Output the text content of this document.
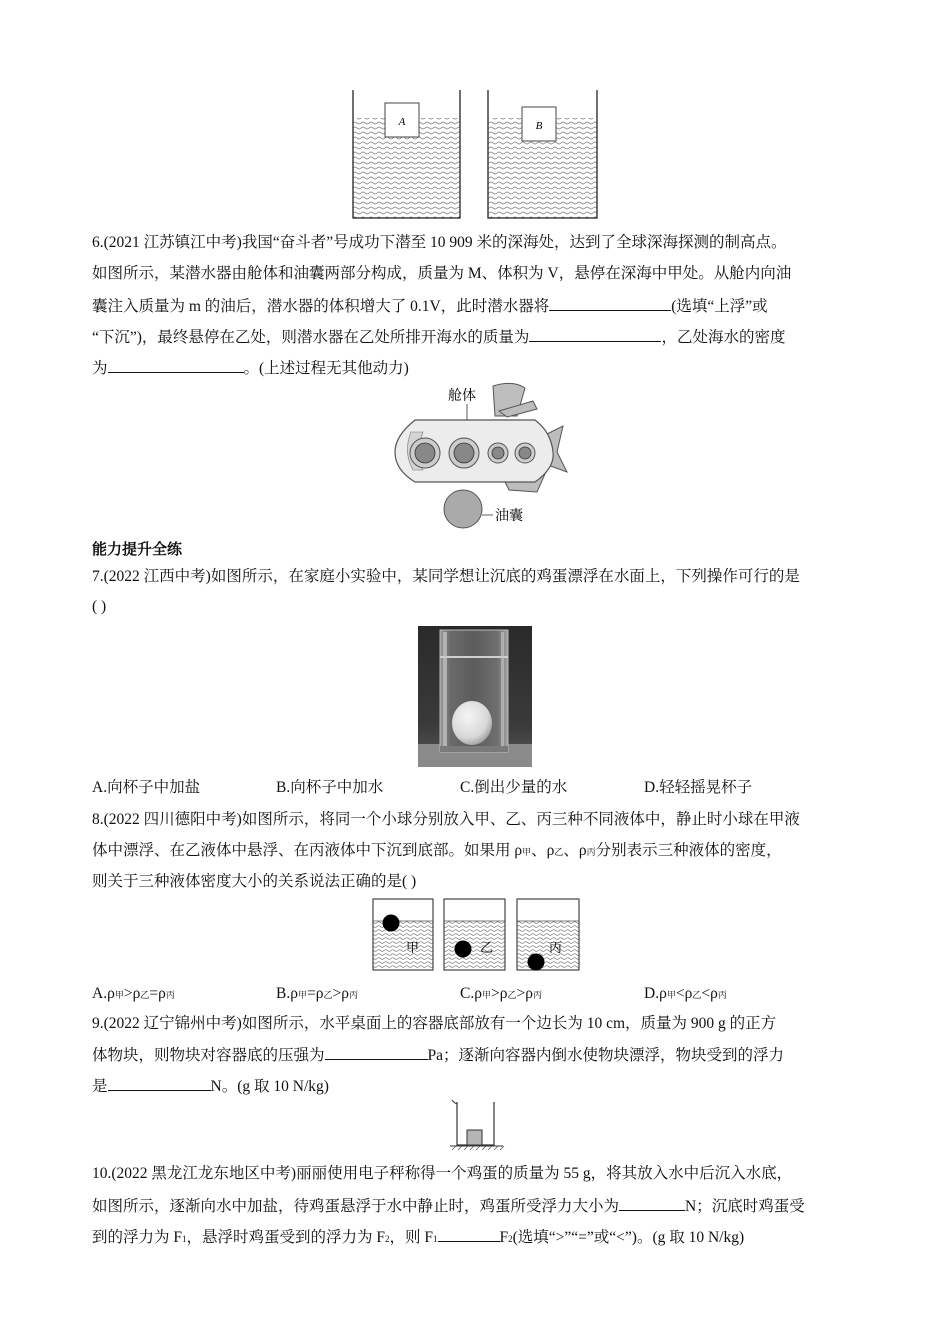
A	B
6.(2021 江苏镇江中考)我国“奋斗者”号成功下潜至 10 909 米的深海处，达到了全球深海探测的制高点。
如图所示，某潜水器由舱体和油囊两部分构成，质量为 M、体积为 V，悬停在深海中甲处。从舱内向油
囊注入质量为 m 的油后，潜水器的体积增大了 0.1V，此时潜水器将	(选填“上浮”或
“下沉”)，最终悬停在乙处，则潜水器在乙处所排开海水的质量为	，乙处海水的密度
为	。(上述过程无其他动力)
油囊
舱体
能力提升全练
7.(2022 江西中考)如图所示，在家庭小实验中，某同学想让沉底的鸡蛋漂浮在水面上，下列操作可行的是
( )
A.向杯子中加盐	B.向杯子中加水	C.倒出少量的水	D.轻轻摇晃杯子
8.(2022 四川德阳中考)如图所示，将同一个小球分别放入甲、乙、丙三种不同液体中，静止时小球在甲液
体中漂浮、在乙液体中悬浮、在丙液体中下沉到底部。如果用 ρ甲、ρ乙、ρ丙分别表示三种液体的密度，
则关于三种液体密度大小的关系说法正确的是( )
甲	乙	丙
A.ρ甲>ρ乙=ρ丙	B.ρ甲=ρ乙>ρ丙	C.ρ甲>ρ乙>ρ丙	D.ρ甲<ρ乙<ρ丙
9.(2022 辽宁锦州中考)如图所示，水平桌面上的容器底部放有一个边长为 10 cm，质量为 900 g 的正方
体物块，则物块对容器底的压强为	Pa；逐渐向容器内倒水使物块漂浮，物块受到的浮力
是	N。(g 取 10 N/kg)
10.(2022 黑龙江龙东地区中考)丽丽使用电子秤称得一个鸡蛋的质量为 55 g，将其放入水中后沉入水底，
如图所示，逐渐向水中加盐，待鸡蛋悬浮于水中静止时，鸡蛋所受浮力大小为	N；沉底时鸡蛋受
到的浮力为 F1，悬浮时鸡蛋受到的浮力为 F2，则 F1	F2(选填“>”“=”或“<”)。(g 取 10 N/kg)
